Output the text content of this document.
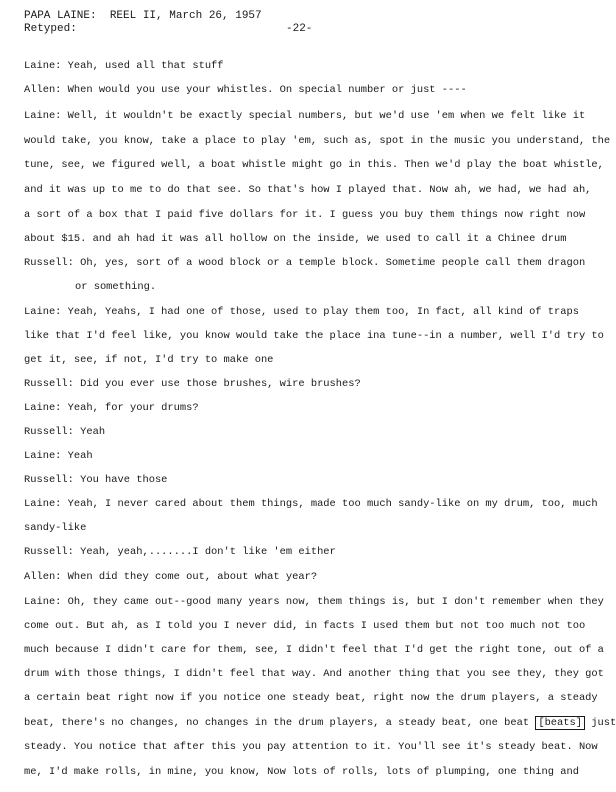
PAPA LAINE:  REEL II, March 26, 1957
Retyped:	-22-
Laine: Yeah, used all that stuff
Allen: When would you use your whistles. On special number or just ----
Laine: Well, it wouldn't be exactly special numbers, but we'd use 'em when we felt like it
would take, you know, take a place to play 'em, such as, spot in the music you understand, the
tune, see, we figured well, a boat whistle might go in this. Then we'd play the boat whistle,
and it was up to me to do that see. So that's how I played that. Now ah, we had, we had ah,
a sort of a box that I paid five dollars for it. I guess you buy them things now right now
about $15. and ah had it was all hollow on the inside, we used to call it a Chinee drum
Russell: Oh, yes, sort of a wood block or a temple block. Sometime people call them dragon
or something.
Laine: Yeah, Yeahs, I had one of those, used to play them too, In fact, all kind of traps
like that I'd feel like, you know would take the place ina tune--in a number, well I'd try to
get it, see, if not, I'd try to make one
Russell: Did you ever use those brushes, wire brushes?
Laine: Yeah, for your drums?
Russell: Yeah
Laine: Yeah
Russell: You have those
Laine: Yeah, I never cared about them things, made too much sandy-like on my drum, too, much
sandy-like
Russell: Yeah, yeah,.......I don't like 'em either
Allen: When did they come out, about what year?
Laine: Oh, they came out--good many years now, them things is, but I don't remember when they
come out. But ah, as I told you I never did, in facts I used them but not too much not too
much because I didn't care for them, see, I didn't feel that I'd get the right tone, out of a
drum with those things, I didn't feel that way. And another thing that you see they, they got
a certain beat right now if you notice one steady beat, right now the drum players, a steady
beat, there's no changes, no changes in the drum players, a steady beat, one beat [beats] just
steady. You notice that after this you pay attention to it. You'll see it's steady beat. Now
me, I'd make rolls, in mine, you know, Now lots of rolls, lots of plumping, one thing and
